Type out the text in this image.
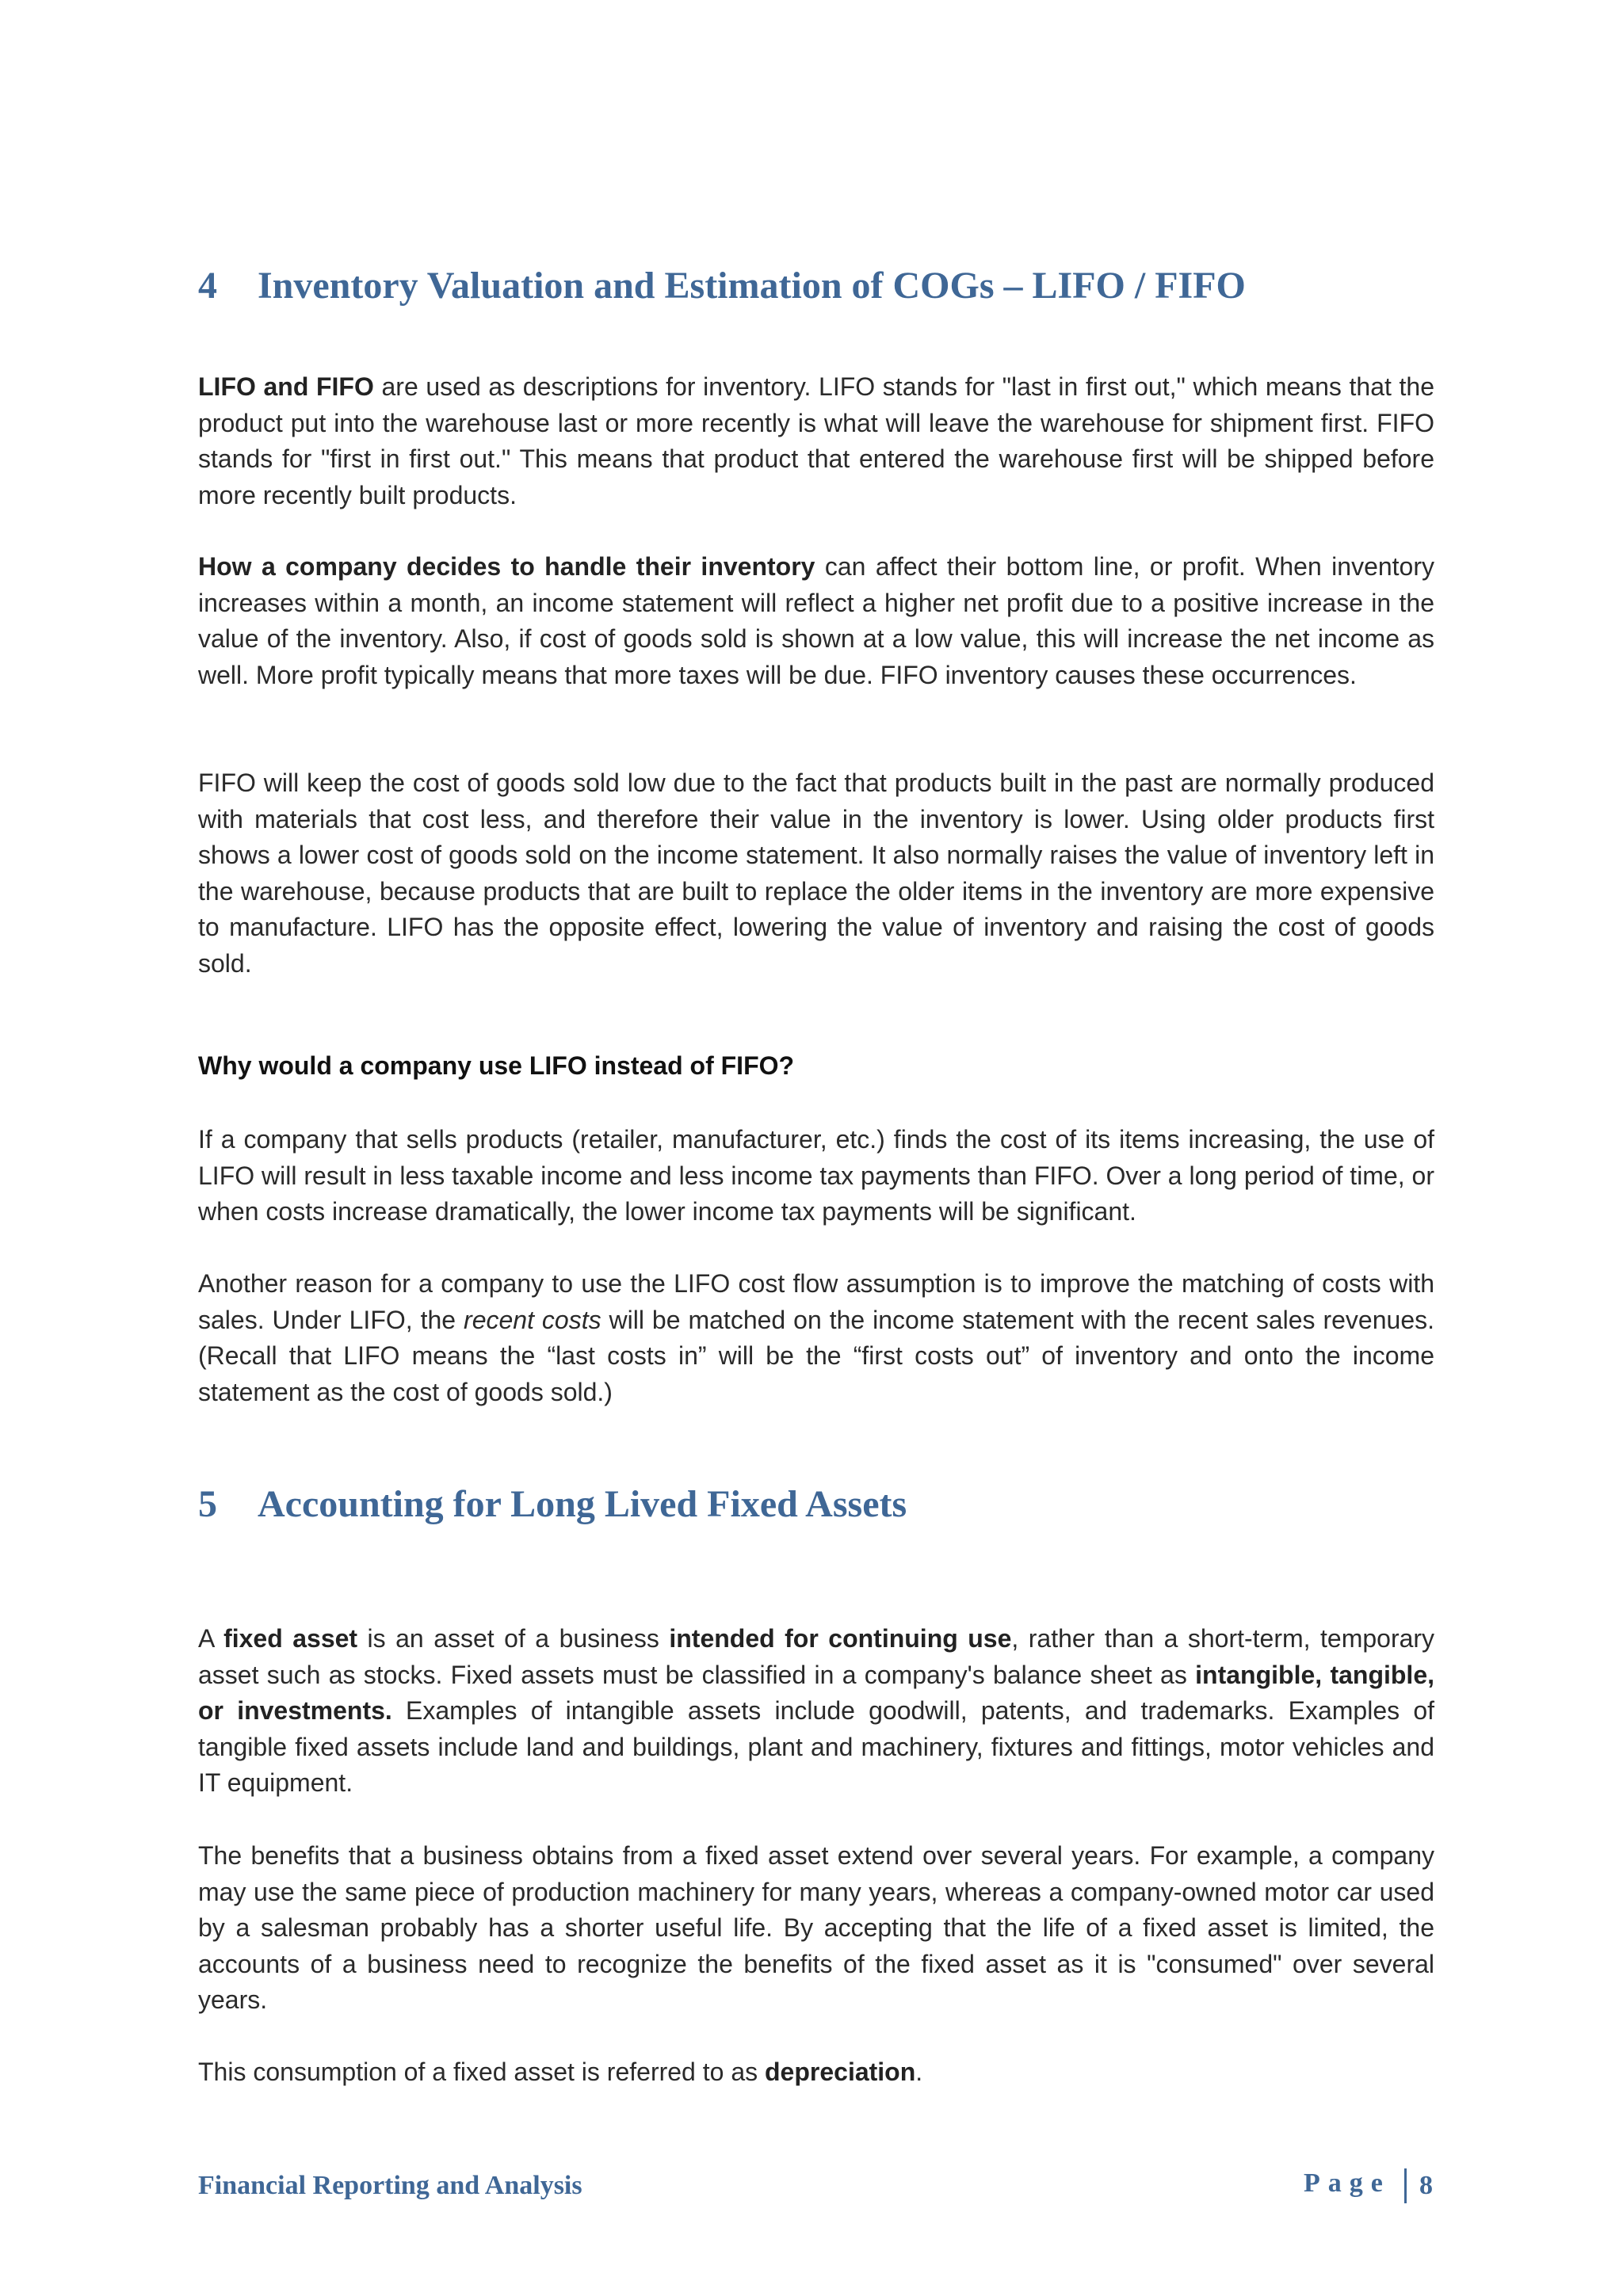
4 Inventory Valuation and Estimation of COGs – LIFO / FIFO

LIFO and FIFO are used as descriptions for inventory. LIFO stands for "last in first out," which means that the product put into the warehouse last or more recently is what will leave the warehouse for shipment first. FIFO stands for "first in first out." This means that product that entered the warehouse first will be shipped before more recently built products.

How a company decides to handle their inventory can affect their bottom line, or profit. When inventory increases within a month, an income statement will reflect a higher net profit due to a positive increase in the value of the inventory. Also, if cost of goods sold is shown at a low value, this will increase the net income as well. More profit typically means that more taxes will be due. FIFO inventory causes these occurrences.

FIFO will keep the cost of goods sold low due to the fact that products built in the past are normally produced with materials that cost less, and therefore their value in the inventory is lower. Using older products first shows a lower cost of goods sold on the income statement. It also normally raises the value of inventory left in the warehouse, because products that are built to replace the older items in the inventory are more expensive to manufacture. LIFO has the opposite effect, lowering the value of inventory and raising the cost of goods sold.

Why would a company use LIFO instead of FIFO?

If a company that sells products (retailer, manufacturer, etc.) finds the cost of its items increasing, the use of LIFO will result in less taxable income and less income tax payments than FIFO. Over a long period of time, or when costs increase dramatically, the lower income tax payments will be significant.

Another reason for a company to use the LIFO cost flow assumption is to improve the matching of costs with sales. Under LIFO, the recent costs will be matched on the income statement with the recent sales revenues. (Recall that LIFO means the “last costs in” will be the “first costs out” of inventory and onto the income statement as the cost of goods sold.)

5 Accounting for Long Lived Fixed Assets

A fixed asset is an asset of a business intended for continuing use, rather than a short-term, temporary asset such as stocks. Fixed assets must be classified in a company's balance sheet as intangible, tangible, or investments. Examples of intangible assets include goodwill, patents, and trademarks. Examples of tangible fixed assets include land and buildings, plant and machinery, fixtures and fittings, motor vehicles and IT equipment.

The benefits that a business obtains from a fixed asset extend over several years. For example, a company may use the same piece of production machinery for many years, whereas a company-owned motor car used by a salesman probably has a shorter useful life. By accepting that the life of a fixed asset is limited, the accounts of a business need to recognize the benefits of the fixed asset as it is "consumed" over several years.

This consumption of a fixed asset is referred to as depreciation.

Financial Reporting and Analysis	Page 8
